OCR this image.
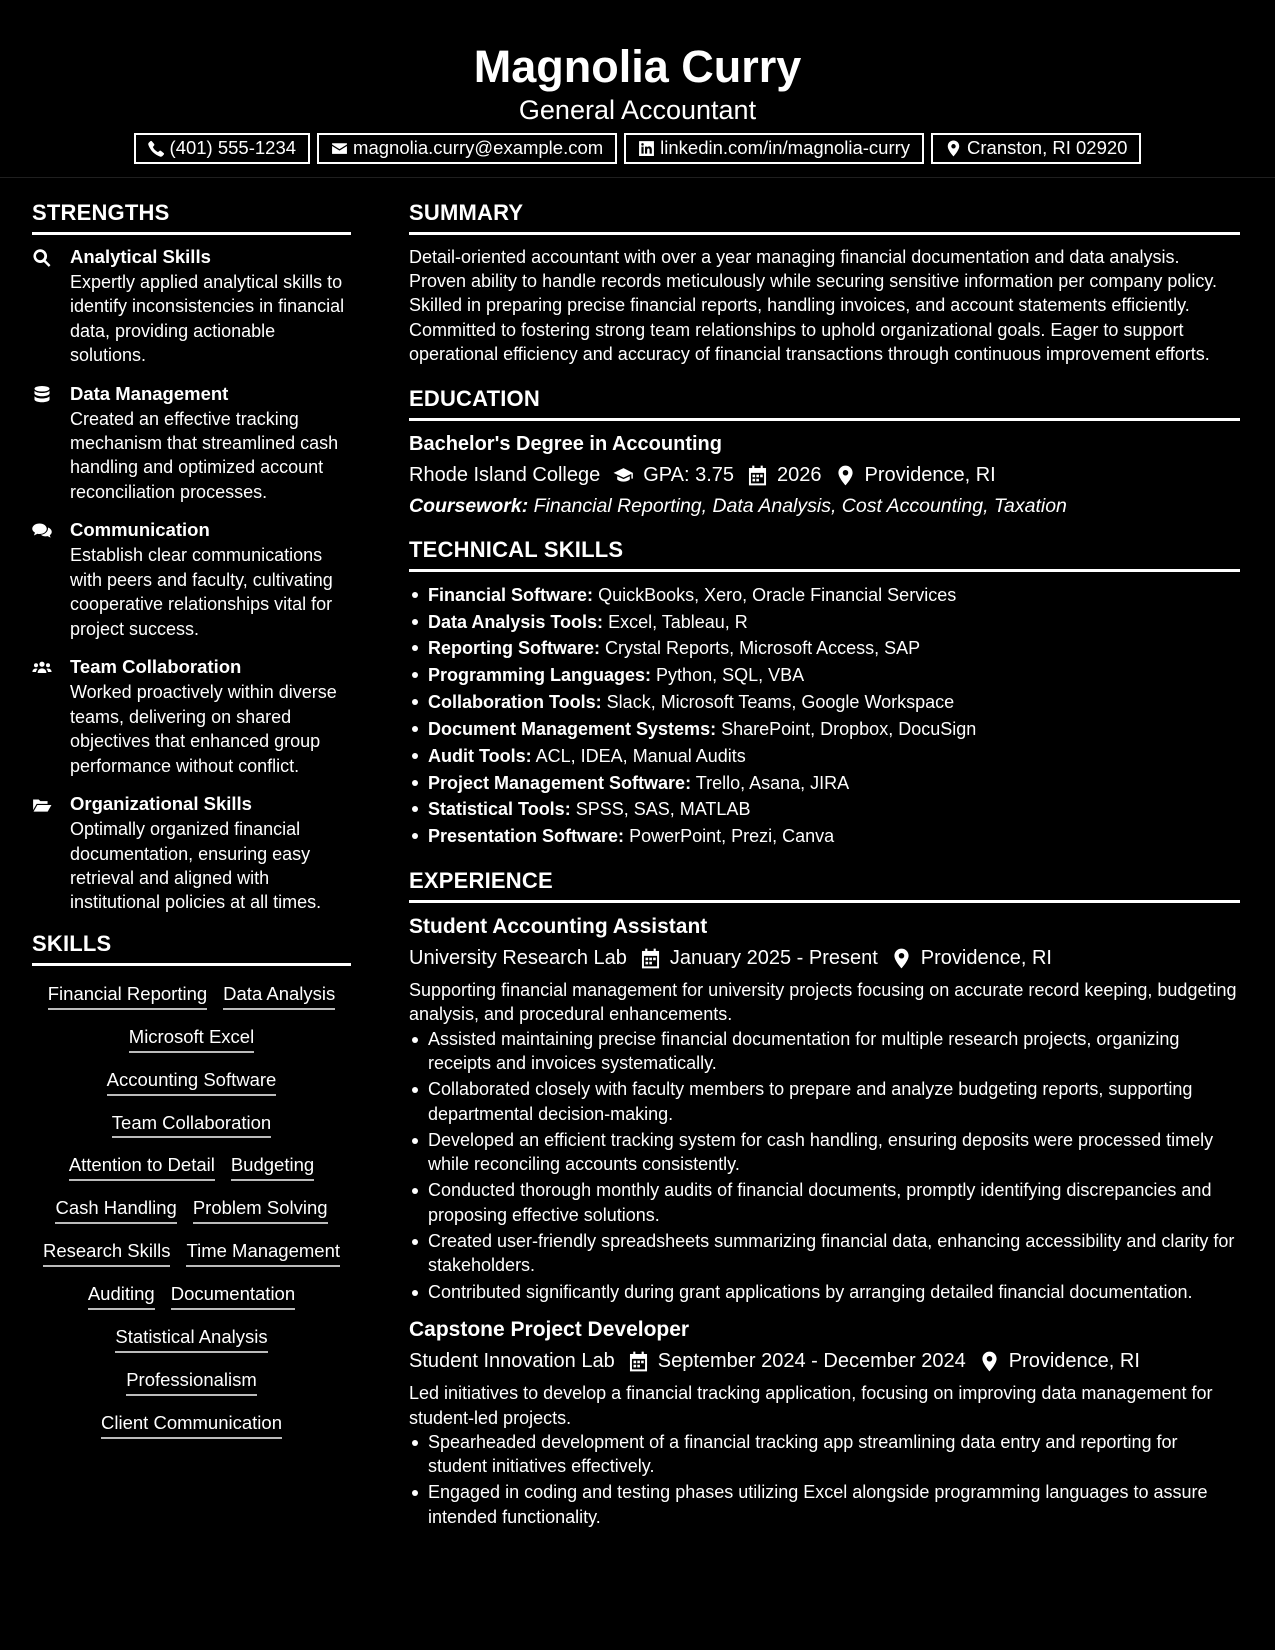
Magnolia Curry
General Accountant
(401) 555-1234	magnolia.curry@example.com	linkedin.com/in/magnolia-curry	Cranston, RI 02920
STRENGTHS
Analytical Skills
Expertly applied analytical skills to identify inconsistencies in financial data, providing actionable solutions.
Data Management
Created an effective tracking mechanism that streamlined cash handling and optimized account reconciliation processes.
Communication
Establish clear communications with peers and faculty, cultivating cooperative relationships vital for project success.
Team Collaboration
Worked proactively within diverse teams, delivering on shared objectives that enhanced group performance without conflict.
Organizational Skills
Optimally organized financial documentation, ensuring easy retrieval and aligned with institutional policies at all times.
SKILLS
Financial Reporting Data Analysis
Microsoft Excel
Accounting Software
Team Collaboration
Attention to Detail Budgeting
Cash Handling Problem Solving
Research Skills Time Management
Auditing Documentation
Statistical Analysis
Professionalism
Client Communication
SUMMARY

Detail-oriented accountant with over a year managing financial documentation and data analysis. Proven ability to handle records meticulously while securing sensitive information per company policy. Skilled in preparing precise financial reports, handling invoices, and account statements efficiently. Committed to fostering strong team relationships to uphold organizational goals. Eager to support operational efficiency and accuracy of financial transactions through continuous improvement efforts.

EDUCATION
Bachelor's Degree in Accounting
Rhode Island College GPA: 3.75 2026 Providence, RI
Coursework: Financial Reporting, Data Analysis, Cost Accounting, Taxation
TECHNICAL SKILLS
Financial Software: QuickBooks, Xero, Oracle Financial Services
Data Analysis Tools: Excel, Tableau, R
Reporting Software: Crystal Reports, Microsoft Access, SAP
Programming Languages: Python, SQL, VBA
Collaboration Tools: Slack, Microsoft Teams, Google Workspace
Document Management Systems: SharePoint, Dropbox, DocuSign
Audit Tools: ACL, IDEA, Manual Audits
Project Management Software: Trello, Asana, JIRA
Statistical Tools: SPSS, SAS, MATLAB
Presentation Software: PowerPoint, Prezi, Canva
EXPERIENCE
Student Accounting Assistant
University Research Lab January 2025 - Present Providence, RI
Supporting financial management for university projects focusing on accurate record keeping, budgeting analysis, and procedural enhancements.
Assisted maintaining precise financial documentation for multiple research projects, organizing receipts and invoices systematically.
Collaborated closely with faculty members to prepare and analyze budgeting reports, supporting departmental decision-making.
Developed an efficient tracking system for cash handling, ensuring deposits were processed timely while reconciling accounts consistently.
Conducted thorough monthly audits of financial documents, promptly identifying discrepancies and proposing effective solutions.
Created user-friendly spreadsheets summarizing financial data, enhancing accessibility and clarity for stakeholders.
Contributed significantly during grant applications by arranging detailed financial documentation.
Capstone Project Developer
Student Innovation Lab September 2024 - December 2024 Providence, RI
Led initiatives to develop a financial tracking application, focusing on improving data management for student-led projects.
Spearheaded development of a financial tracking app streamlining data entry and reporting for student initiatives effectively.
Engaged in coding and testing phases utilizing Excel alongside programming languages to assure intended functionality.
